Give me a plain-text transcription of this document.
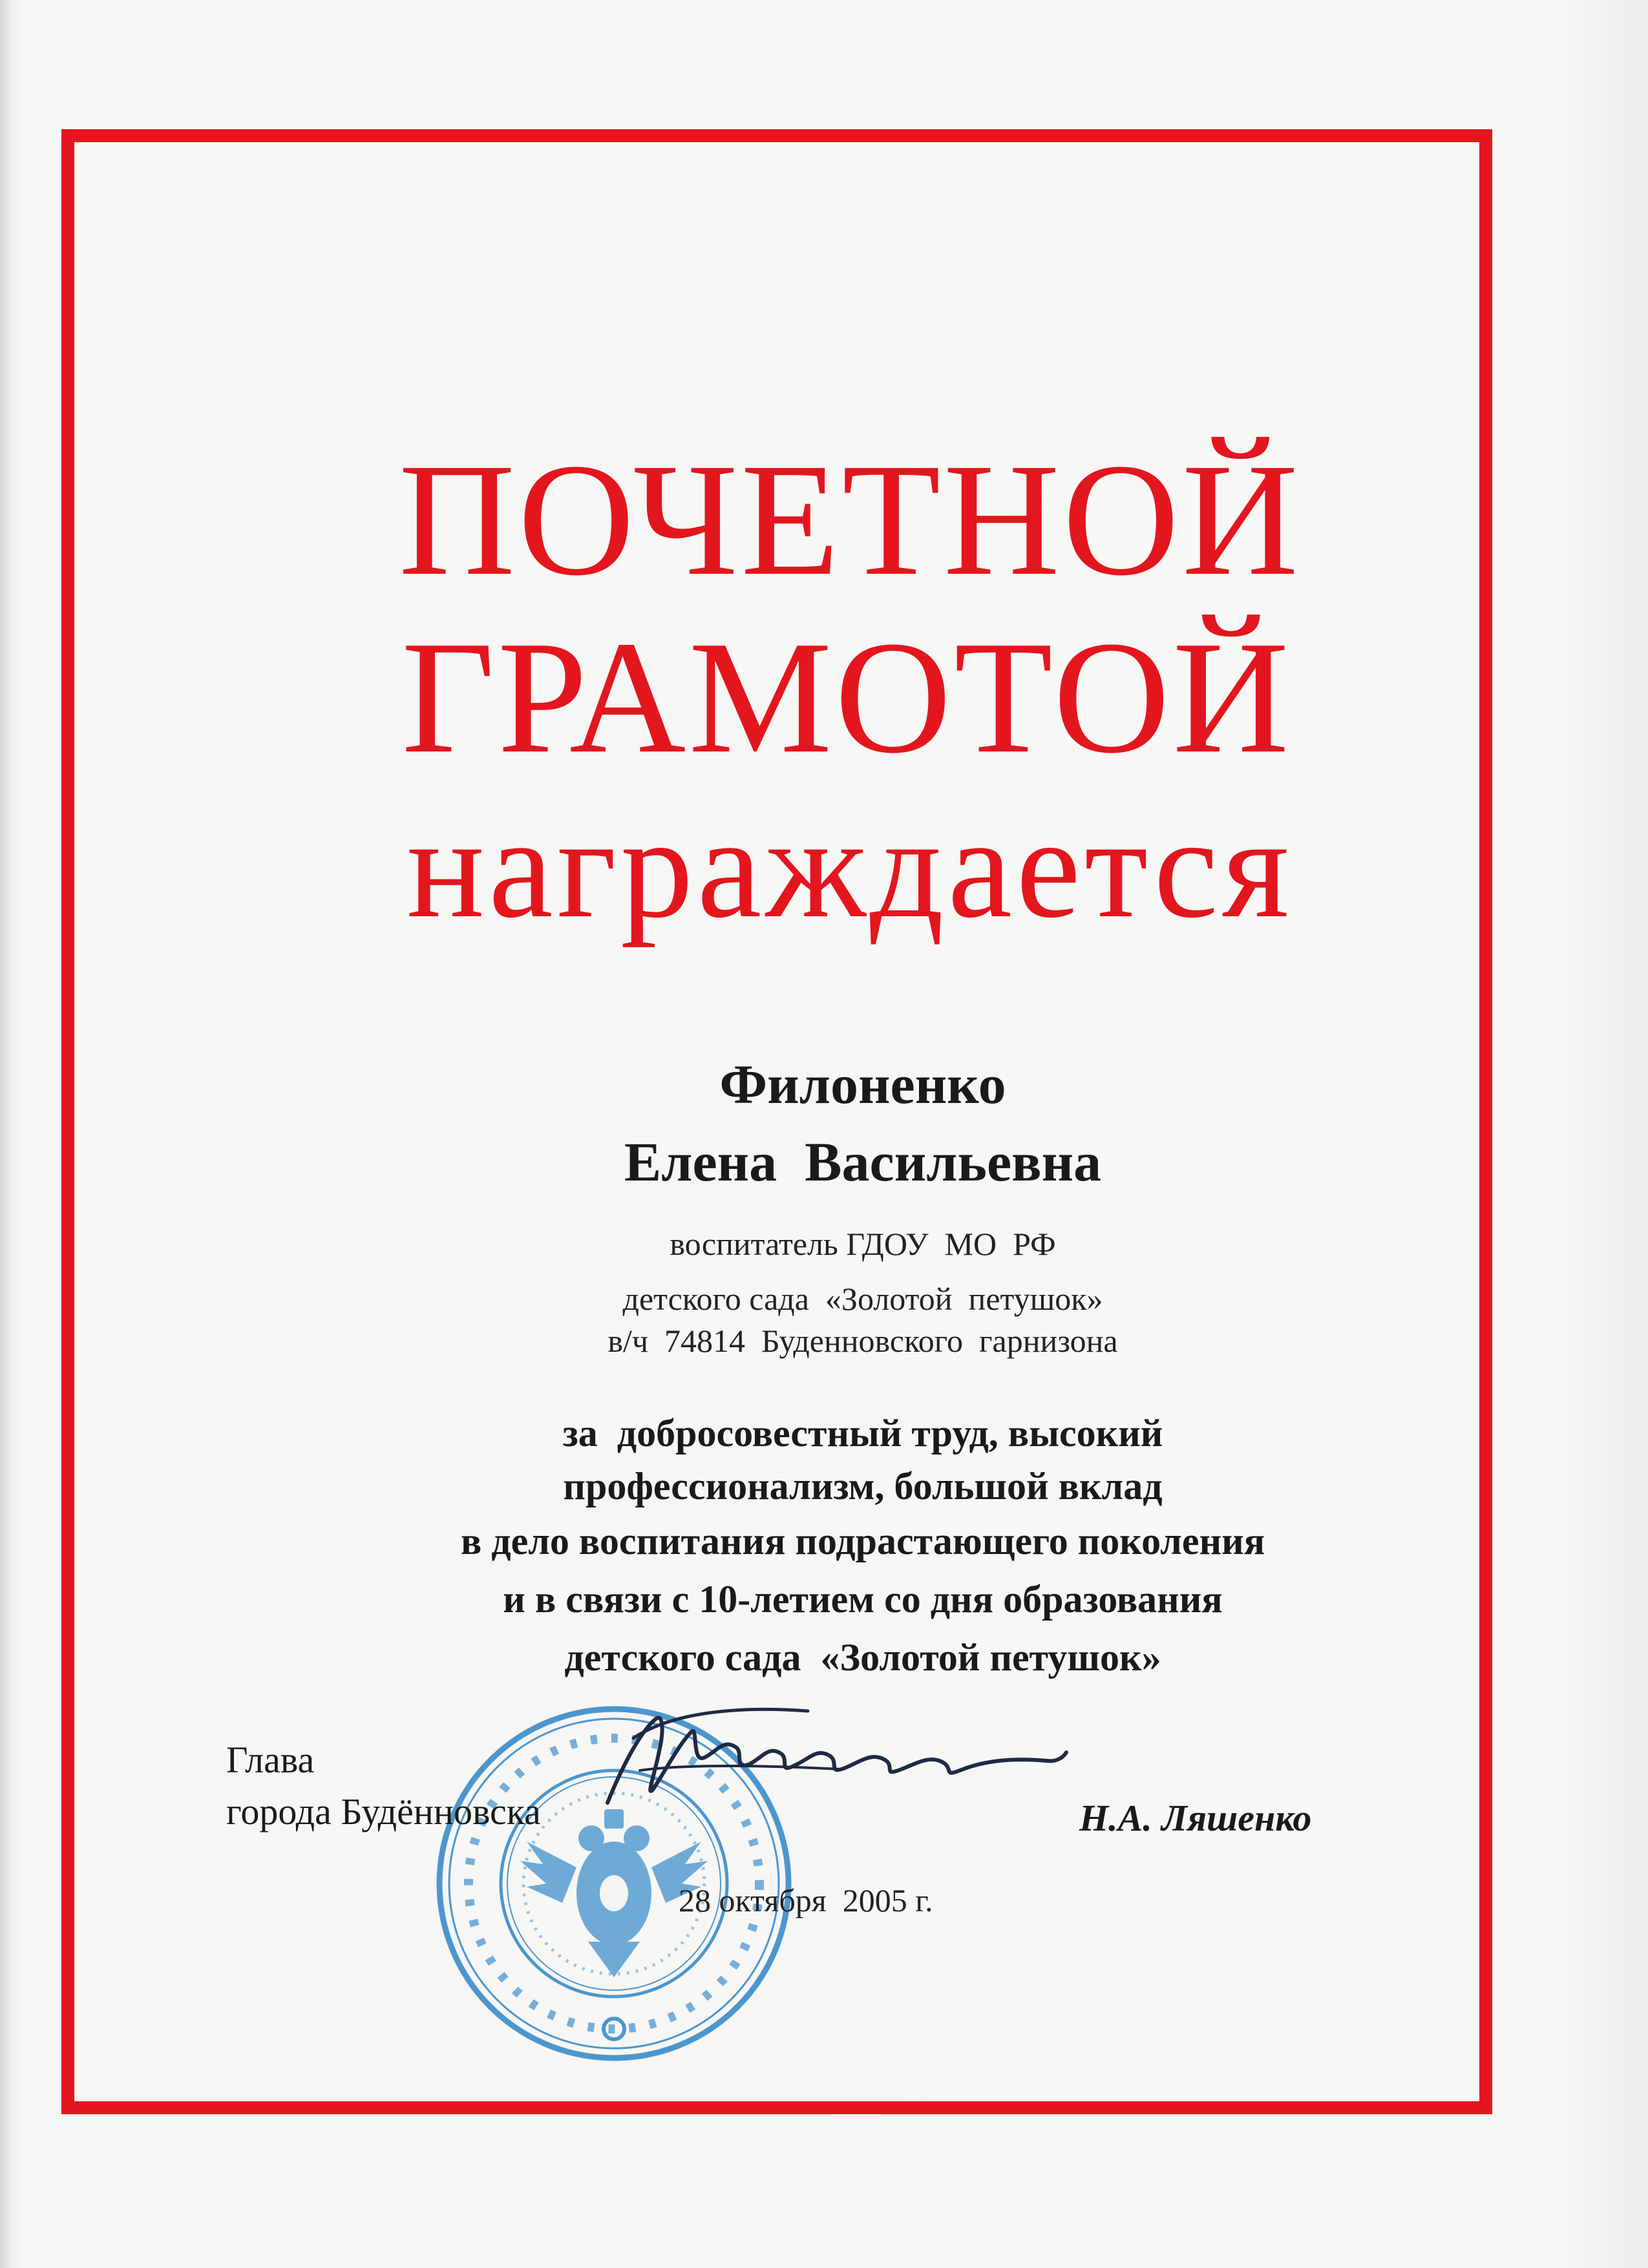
ПОЧЕТНОЙ
ГРАМОТОЙ
награждается
Филоненко
Елена  Васильевна
воспитатель ГДОУ  МО  РФ
детского сада  «Золотой  петушок»
в/ч  74814  Буденновского  гарнизона
за  добросовестный труд, высокий
профессионализм, большой вклад
в дело воспитания подрастающего поколения
и в связи с 10-летием со дня образования
детского сада  «Золотой петушок»
Глава
города Будённовска	Н.А. Ляшенко
28 октября  2005 г.
